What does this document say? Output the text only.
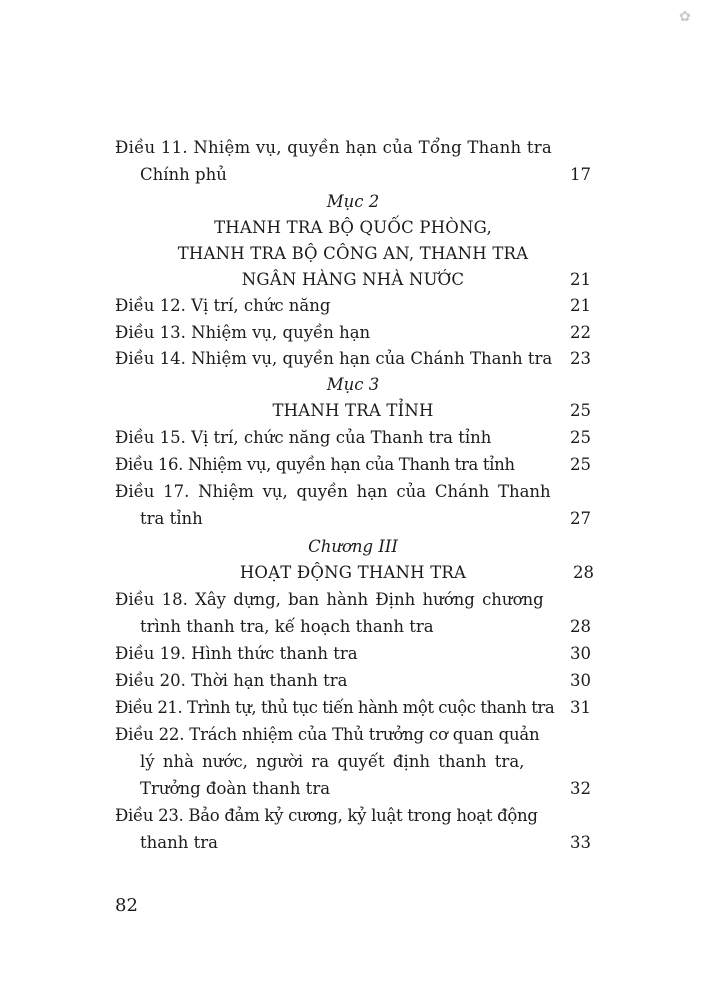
✿
Điều 11. Nhiệm vụ, quyền hạn của Tổng Thanh tra
Chính phủ	17
Mục 2
THANH TRA BỘ QUỐC PHÒNG,
THANH TRA BỘ CÔNG AN, THANH TRA
NGÂN HÀNG NHÀ NƯỚC	21
Điều 12. Vị trí, chức năng	21
Điều 13. Nhiệm vụ, quyền hạn	22
Điều 14. Nhiệm vụ, quyền hạn của Chánh Thanh tra 23
Mục 3
THANH TRA TỈNH	25
Điều 15. Vị trí, chức năng của Thanh tra tỉnh	25
Điều 16. Nhiệm vụ, quyền hạn của Thanh tra tỉnh	25
Điều 17. Nhiệm vụ, quyền hạn của Chánh Thanh
tra tỉnh	27
Chương III
HOẠT ĐỘNG THANH TRA	28
Điều 18. Xây dựng, ban hành Định hướng chương
trình thanh tra, kế hoạch thanh tra	28
Điều 19. Hình thức thanh tra	30
Điều 20. Thời hạn thanh tra	30
Điều 21. Trình tự, thủ tục tiến hành một cuộc thanh tra 31
Điều 22. Trách nhiệm của Thủ trưởng cơ quan quản
lý nhà nước, người ra quyết định thanh tra,
Trưởng đoàn thanh tra	32
Điều 23. Bảo đảm kỷ cương, kỷ luật trong hoạt động
thanh tra	33
82
